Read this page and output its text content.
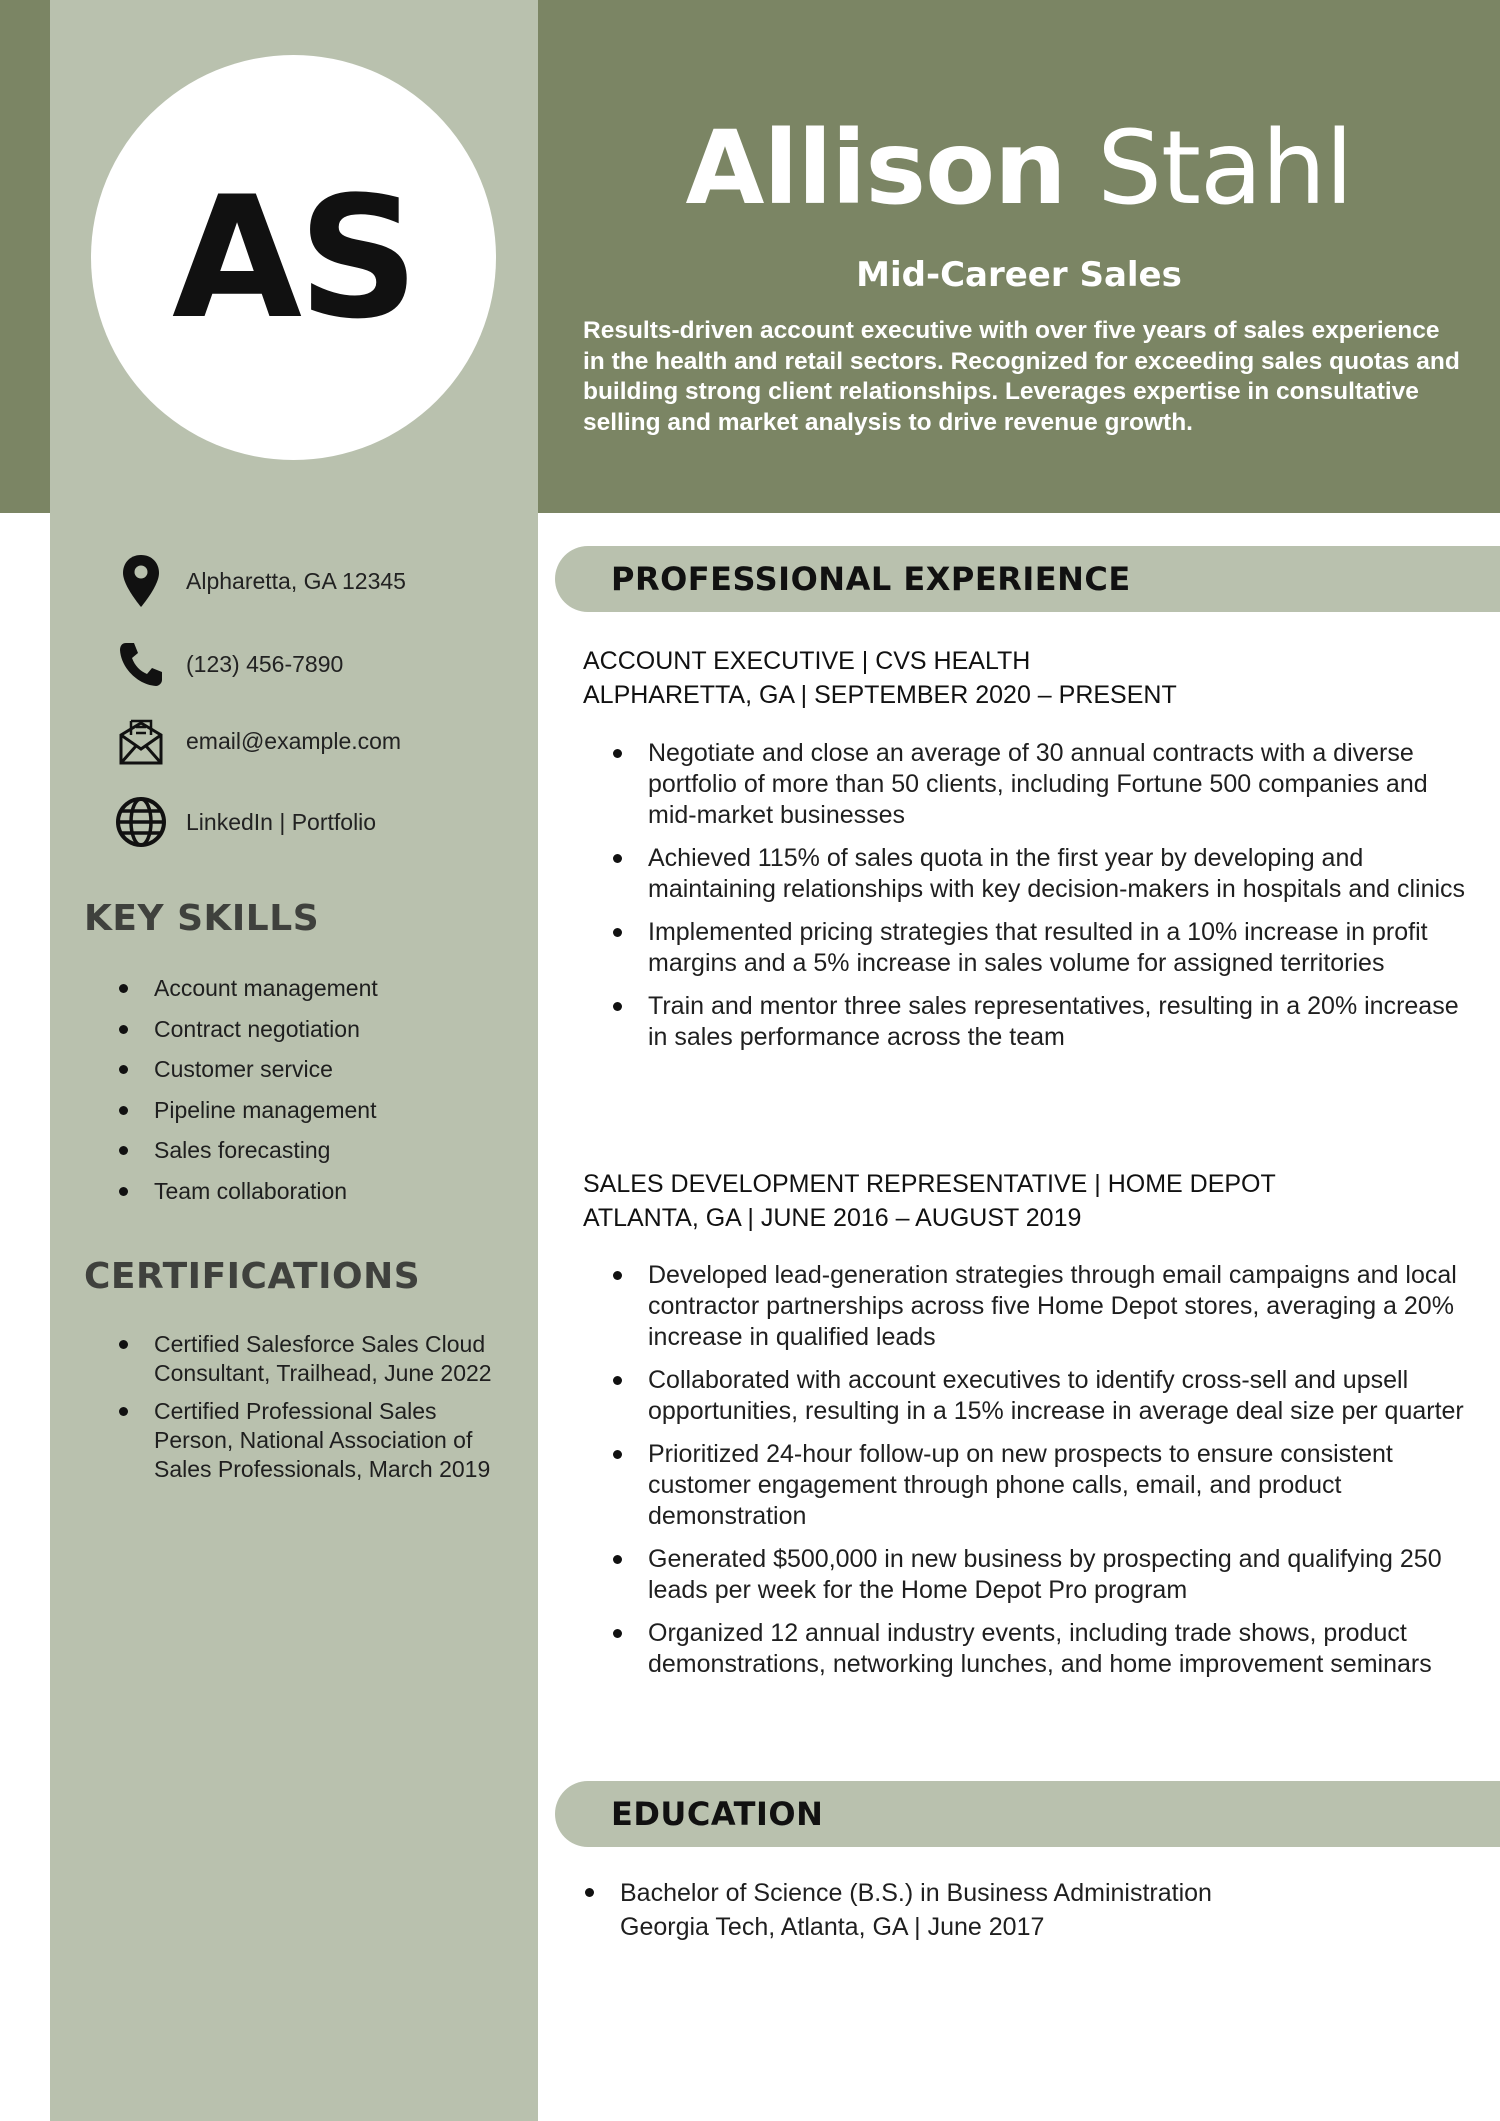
AS	Allison Stahl
Mid-Career Sales
Results-driven account executive with over five years of sales experience in the health and retail sectors. Recognized for exceeding sales quotas and building strong client relationships. Leverages expertise in consultative selling and market analysis to drive revenue growth.
Alpharetta, GA 12345
(123) 456-7890
email@example.com
LinkedIn | Portfolio
KEY SKILLS
Account management
Contract negotiation
Customer service
Pipeline management
Sales forecasting
Team collaboration
CERTIFICATIONS
Certified Salesforce Sales Cloud Consultant, Trailhead, June 2022
Certified Professional Sales Person, National Association of Sales Professionals, March 2019
PROFESSIONAL EXPERIENCE
ACCOUNT EXECUTIVE | CVS HEALTH
ALPHARETTA, GA | SEPTEMBER 2020 – PRESENT
Negotiate and close an average of 30 annual contracts with a diverse portfolio of more than 50 clients, including Fortune 500 companies and mid-market businesses
Achieved 115% of sales quota in the first year by developing and maintaining relationships with key decision-makers in hospitals and clinics
Implemented pricing strategies that resulted in a 10% increase in profit margins and a 5% increase in sales volume for assigned territories
Train and mentor three sales representatives, resulting in a 20% increase in sales performance across the team
SALES DEVELOPMENT REPRESENTATIVE | HOME DEPOT
ATLANTA, GA | JUNE 2016 – AUGUST 2019
Developed lead-generation strategies through email campaigns and local contractor partnerships across five Home Depot stores, averaging a 20% increase in qualified leads
Collaborated with account executives to identify cross-sell and upsell opportunities, resulting in a 15% increase in average deal size per quarter
Prioritized 24-hour follow-up on new prospects to ensure consistent customer engagement through phone calls, email, and product demonstration
Generated $500,000 in new business by prospecting and qualifying 250 leads per week for the Home Depot Pro program
Organized 12 annual industry events, including trade shows, product demonstrations, networking lunches, and home improvement seminars
EDUCATION
Bachelor of Science (B.S.) in Business Administration
Georgia Tech, Atlanta, GA | June 2017
